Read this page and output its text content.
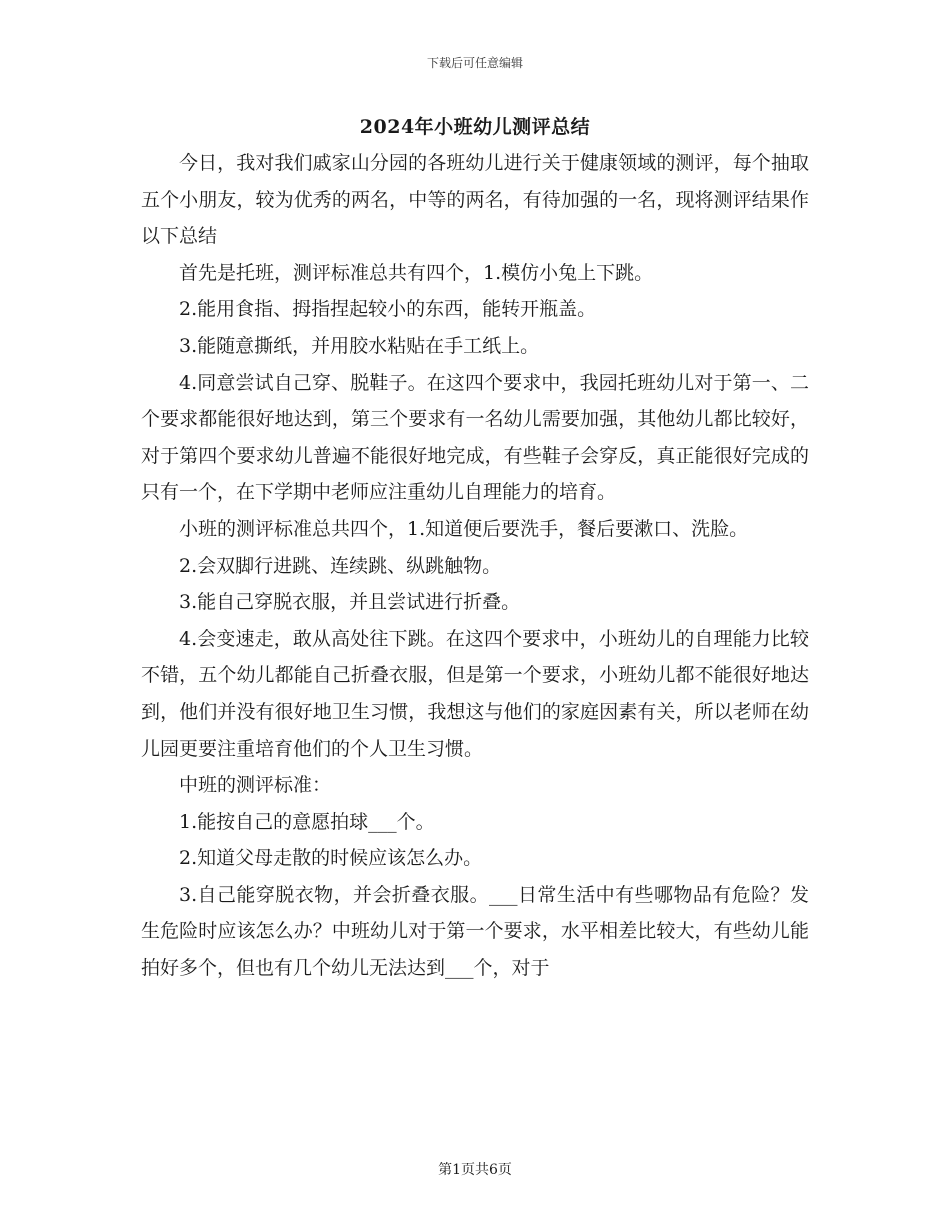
下载后可任意编辑
2024年小班幼儿测评总结

今日，我对我们戚家山分园的各班幼儿进行关于健康领域的测评，每个抽取五个小朋友，较为优秀的两名，中等的两名，有待加强的一名，现将测评结果作以下总结

首先是托班，测评标准总共有四个，1.模仿小兔上下跳。

2.能用食指、拇指捏起较小的东西，能转开瓶盖。

3.能随意撕纸，并用胶水粘贴在手工纸上。

4.同意尝试自己穿、脱鞋子。在这四个要求中，我园托班幼儿对于第一、二个要求都能很好地达到，第三个要求有一名幼儿需要加强，其他幼儿都比较好，对于第四个要求幼儿普遍不能很好地完成，有些鞋子会穿反，真正能很好完成的只有一个，在下学期中老师应注重幼儿自理能力的培育。

小班的测评标准总共四个，1.知道便后要洗手，餐后要漱口、洗脸。

2.会双脚行进跳、连续跳、纵跳触物。

3.能自己穿脱衣服，并且尝试进行折叠。

4.会变速走，敢从高处往下跳。在这四个要求中，小班幼儿的自理能力比较不错，五个幼儿都能自己折叠衣服，但是第一个要求，小班幼儿都不能很好地达到，他们并没有很好地卫生习惯，我想这与他们的家庭因素有关，所以老师在幼儿园更要注重培育他们的个人卫生习惯。

中班的测评标准：

1.能按自己的意愿拍球___个。

2.知道父母走散的时候应该怎么办。

3.自己能穿脱衣物，并会折叠衣服。___日常生活中有些哪物品有危险？发生危险时应该怎么办？中班幼儿对于第一个要求，水平相差比较大，有些幼儿能拍好多个，但也有几个幼儿无法达到___个，对于

第1页共6页
